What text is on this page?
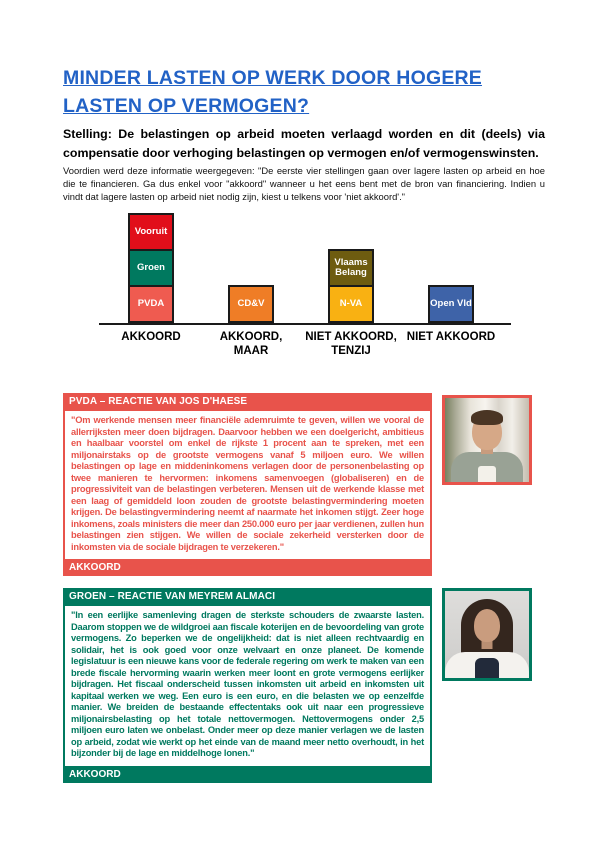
MINDER LASTEN OP WERK DOOR HOGERE LASTEN OP VERMOGEN?

Stelling: De belastingen op arbeid moeten verlaagd worden en dit (deels) via compensatie door verhoging belastingen op vermogen en/of vermogenswinsten.

Voordien werd deze informatie weergegeven: "De eerste vier stellingen gaan over lagere lasten op arbeid en hoe die te financieren. Ga dus enkel voor "akkoord" wanneer u het eens bent met de bron van financiering. Indien u vindt dat lagere lasten op arbeid niet nodig zijn, kiest u telkens voor 'niet akkoord'."

Vooruit
Groen
PVDA	CD&V
Vlaams Belang
N-VA	Open Vld
AKKOORD	AKKOORD,
MAAR
NIET AKKOORD,
TENZIJ
NIET AKKOORD
PVDA – REACTIE VAN JOS D'HAESE
"Om werkende mensen meer financiële ademruimte te geven, willen we vooral de allerrijksten meer doen bijdragen. Daarvoor hebben we een doelgericht, ambitieus en haalbaar voorstel om enkel de rijkste 1 procent aan te spreken, met een miljonairstaks op de grootste vermogens vanaf 5 miljoen euro. We willen belastingen op lage en middeninkomens verlagen door de personenbelasting op twee manieren te hervormen: inkomens samenvoegen (globaliseren) en de progressiviteit van de belastingen verbeteren. Mensen uit de werkende klasse met een laag of gemiddeld loon zouden de grootste belastingvermindering moeten krijgen. De belastingvermindering neemt af naarmate het inkomen stijgt. Zeer hoge inkomens, zoals ministers die meer dan 250.000 euro per jaar verdienen, zullen hun belastingen zien stijgen. We willen de sociale zekerheid versterken door de inkomsten via de sociale bijdragen te verzekeren."
AKKOORD
GROEN – REACTIE VAN MEYREM ALMACI
"In een eerlijke samenleving dragen de sterkste schouders de zwaarste lasten. Daarom stoppen we de wildgroei aan fiscale koterijen en de bevoordeling van grote vermogens. Zo beperken we de ongelijkheid: dat is niet alleen rechtvaardig en solidair, het is ook goed voor onze welvaart en onze planeet. De komende legislatuur is een nieuwe kans voor de federale regering om werk te maken van een brede fiscale hervorming waarin werken meer loont en grote vermogens eerlijker bijdragen. Het fiscaal onderscheid tussen inkomsten uit arbeid en inkomsten uit kapitaal werken we weg. Een euro is een euro, en die belasten we op eenzelfde manier. We breiden de bestaande effectentaks ook uit naar een progressieve miljonairsbelasting op het totale nettovermogen. Nettovermogens onder 2,5 miljoen euro laten we onbelast. Onder meer op deze manier verlagen we de lasten op arbeid, zodat wie werkt op het einde van de maand meer netto overhoudt, in het bijzonder bij de lage en middelhoge lonen."
AKKOORD
